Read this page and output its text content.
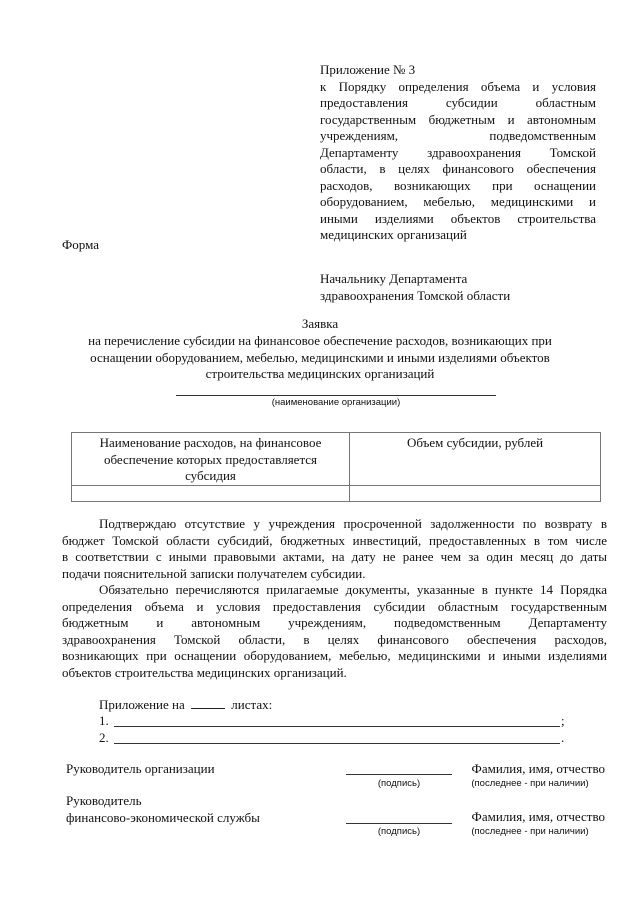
Приложение № 3
к Порядку определения объема и условия
предоставления субсидии областным
государственным бюджетным и автономным
учреждениям, подведомственным
Департаменту здравоохранения Томской
области, в целях финансового обеспечения
расходов, возникающих при оснащении
оборудованием, мебелью, медицинскими и
иными изделиями объектов строительства
медицинских организаций
Форма
Начальнику Департамента
здравоохранения Томской области
Заявка
на перечисление субсидии на финансовое обеспечение расходов, возникающих при
оснащении оборудованием, мебелью, медицинскими и иными изделиями объектов
строительства медицинских организаций
(наименование организации)
Наименование расходов, на финансовое
обеспечение которых предоставляется
субсидия	Объем субсидии, рублей

Подтверждаю отсутствие у учреждения просроченной задолженности по возврату в
бюджет Томской области субсидий, бюджетных инвестиций, предоставленных в том числе
в соответствии с иными правовыми актами, на дату не ранее чем за один месяц до даты
подачи пояснительной записки получателем субсидии.
Обязательно перечисляются прилагаемые документы, указанные в пункте 14 Порядка
определения объема и условия предоставления субсидии областным государственным
бюджетным и автономным учреждениям, подведомственным Департаменту
здравоохранения Томской области, в целях финансового обеспечения расходов,
возникающих при оснащении оборудованием, мебелью, медицинскими и иными изделиями
объектов строительства медицинских организаций.
Приложение на	листах:
1.	;
2.	.
Руководитель организации	Фамилия, имя, отчество
(подпись)	(последнее - при наличии)
Руководитель
финансово-экономической службы	Фамилия, имя, отчество
(подпись)	(последнее - при наличии)
